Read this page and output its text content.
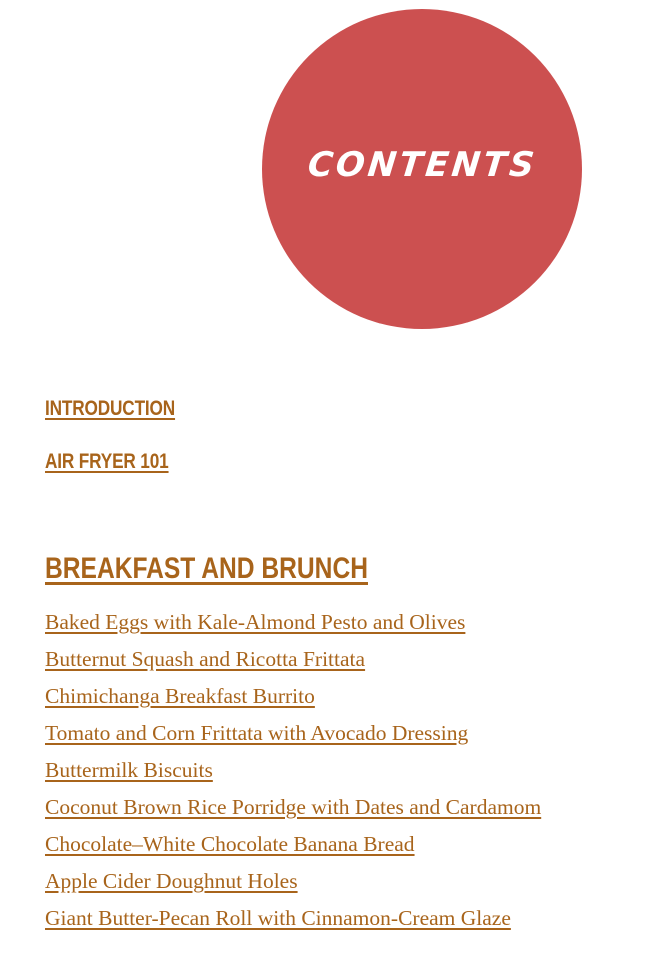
CONTENTS
INTRODUCTION
AIR FRYER 101
BREAKFAST AND BRUNCH
Baked Eggs with Kale-Almond Pesto and Olives
Butternut Squash and Ricotta Frittata
Chimichanga Breakfast Burrito
Tomato and Corn Frittata with Avocado Dressing
Buttermilk Biscuits
Coconut Brown Rice Porridge with Dates and Cardamom
Chocolate–White Chocolate Banana Bread
Apple Cider Doughnut Holes
Giant Butter-Pecan Roll with Cinnamon-Cream Glaze
